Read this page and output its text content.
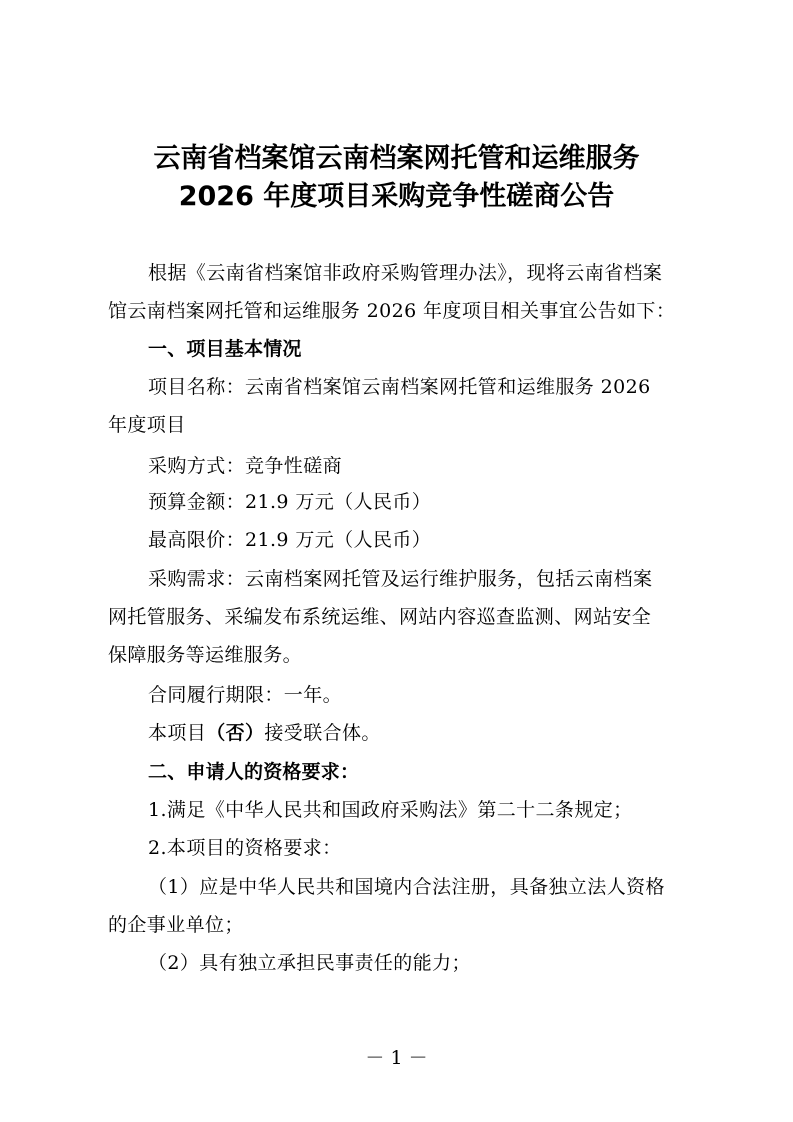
云南省档案馆云南档案网托管和运维服务
2026 年度项目采购竞争性磋商公告
根据《云南省档案馆非政府采购管理办法》，现将云南省档案
馆云南档案网托管和运维服务 2026 年度项目相关事宜公告如下：
一、项目基本情况
项目名称：云南省档案馆云南档案网托管和运维服务 2026
年度项目
采购方式：竞争性磋商
预算金额：21.9 万元（人民币）
最高限价：21.9 万元（人民币）
采购需求：云南档案网托管及运行维护服务，包括云南档案
网托管服务、采编发布系统运维、网站内容巡查监测、网站安全
保障服务等运维服务。
合同履行期限：一年。
本项目（否）接受联合体。
二、申请人的资格要求：
1.满足《中华人民共和国政府采购法》第二十二条规定；
2.本项目的资格要求：
（1）应是中华人民共和国境内合法注册，具备独立法人资格
的企事业单位；
（2）具有独立承担民事责任的能力；
－ 1 －
